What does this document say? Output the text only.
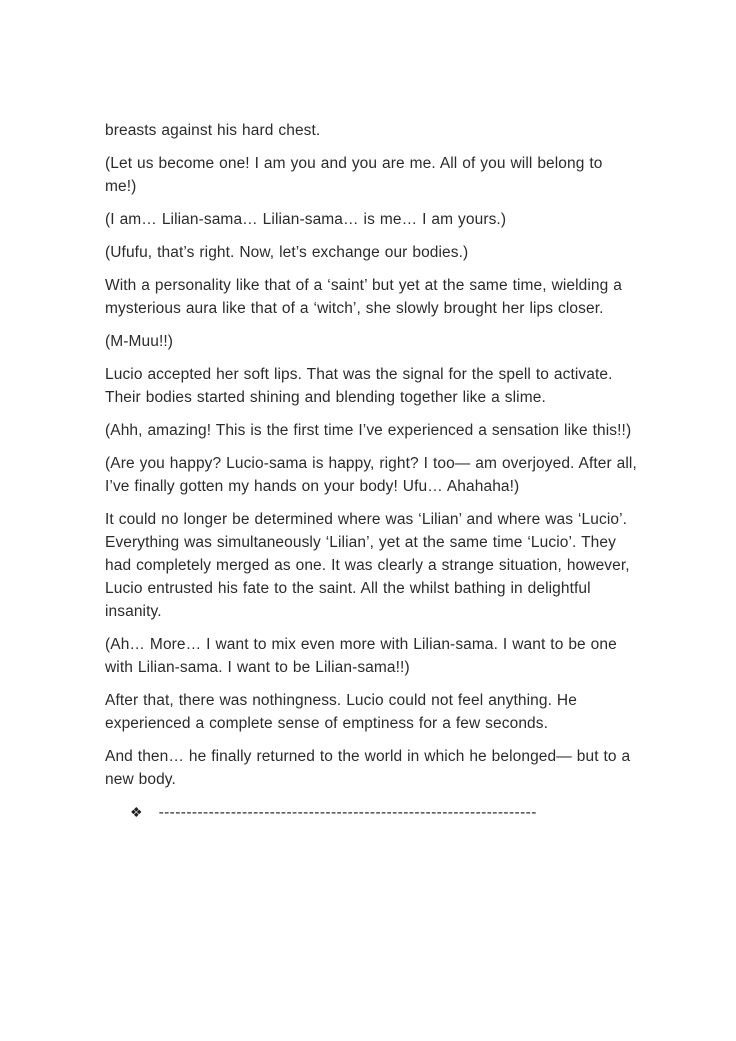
breasts against his hard chest.

(Let us become one! I am you and you are me. All of you will belong to me!)

(I am… Lilian-sama… Lilian-sama… is me… I am yours.)

(Ufufu, that’s right. Now, let’s exchange our bodies.)

With a personality like that of a ‘saint’ but yet at the same time, wielding a mysterious aura like that of a ‘witch’, she slowly brought her lips closer.

(M-Muu!!)

Lucio accepted her soft lips. That was the signal for the spell to activate. Their bodies started shining and blending together like a slime.

(Ahh, amazing! This is the first time I’ve experienced a sensation like this!!)

(Are you happy? Lucio-sama is happy, right? I too— am overjoyed. After all, I’ve finally gotten my hands on your body! Ufu… Ahahaha!)

It could no longer be determined where was ‘Lilian’ and where was ‘Lucio’. Everything was simultaneously ‘Lilian’, yet at the same time ‘Lucio’. They had completely merged as one. It was clearly a strange situation, however, Lucio entrusted his fate to the saint. All the whilst bathing in delightful insanity.

(Ah… More… I want to mix even more with Lilian-sama. I want to be one with Lilian-sama. I want to be Lilian-sama!!)

After that, there was nothingness. Lucio could not feel anything. He experienced a complete sense of emptiness for a few seconds.

And then… he finally returned to the world in which he belonged— but to a new body.

❖ --------------------------------------------------------------------
